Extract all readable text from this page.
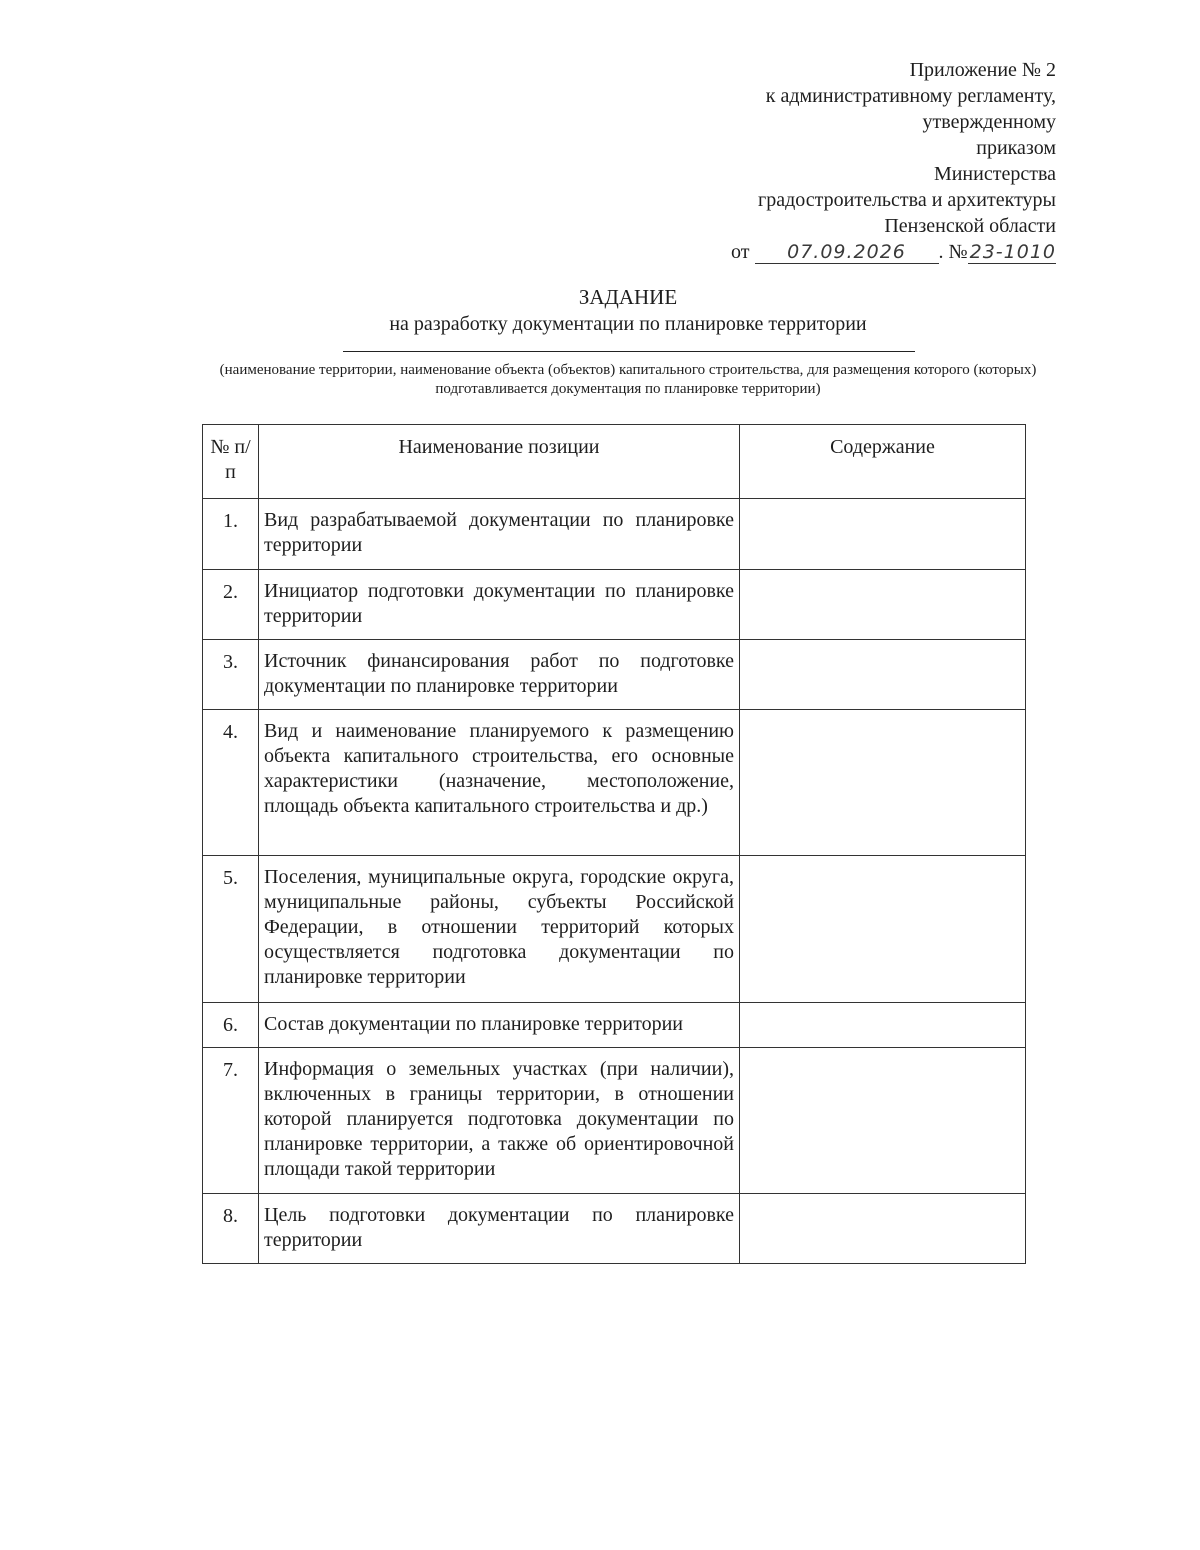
Приложение № 2
к административному регламенту,
утвержденному
приказом
Министерства
градостроительства и архитектуры
Пензенской области
от 07.09.2026 . № 23-1010
ЗАДАНИЕ
на разработку документации по планировке территории
(наименование территории, наименование объекта (объектов) капитального строительства, для размещения которого (которых) подготавливается документация по планировке территории)
№ п/п	Наименование позиции	Содержание
1.	Вид разрабатываемой документации по планировке территории	
2.	Инициатор подготовки документации по планировке территории	
3.	Источник финансирования работ по подготовке документации по планировке территории	
4.	Вид и наименование планируемого к размещению объекта капитального строительства, его основные характеристики (назначение, местоположение, площадь объекта капитального строительства и др.)	
5.	Поселения, муниципальные округа, городские округа, муниципальные районы, субъекты Российской Федерации, в отношении территорий которых осуществляется подготовка документации по планировке территории	
6.	Состав документации по планировке территории	
7.	Информация о земельных участках (при наличии), включенных в границы территории, в отношении которой планируется подготовка документации по планировке территории, а также об ориентировочной площади такой территории	
8.	Цель подготовки документации по планировке территории	
